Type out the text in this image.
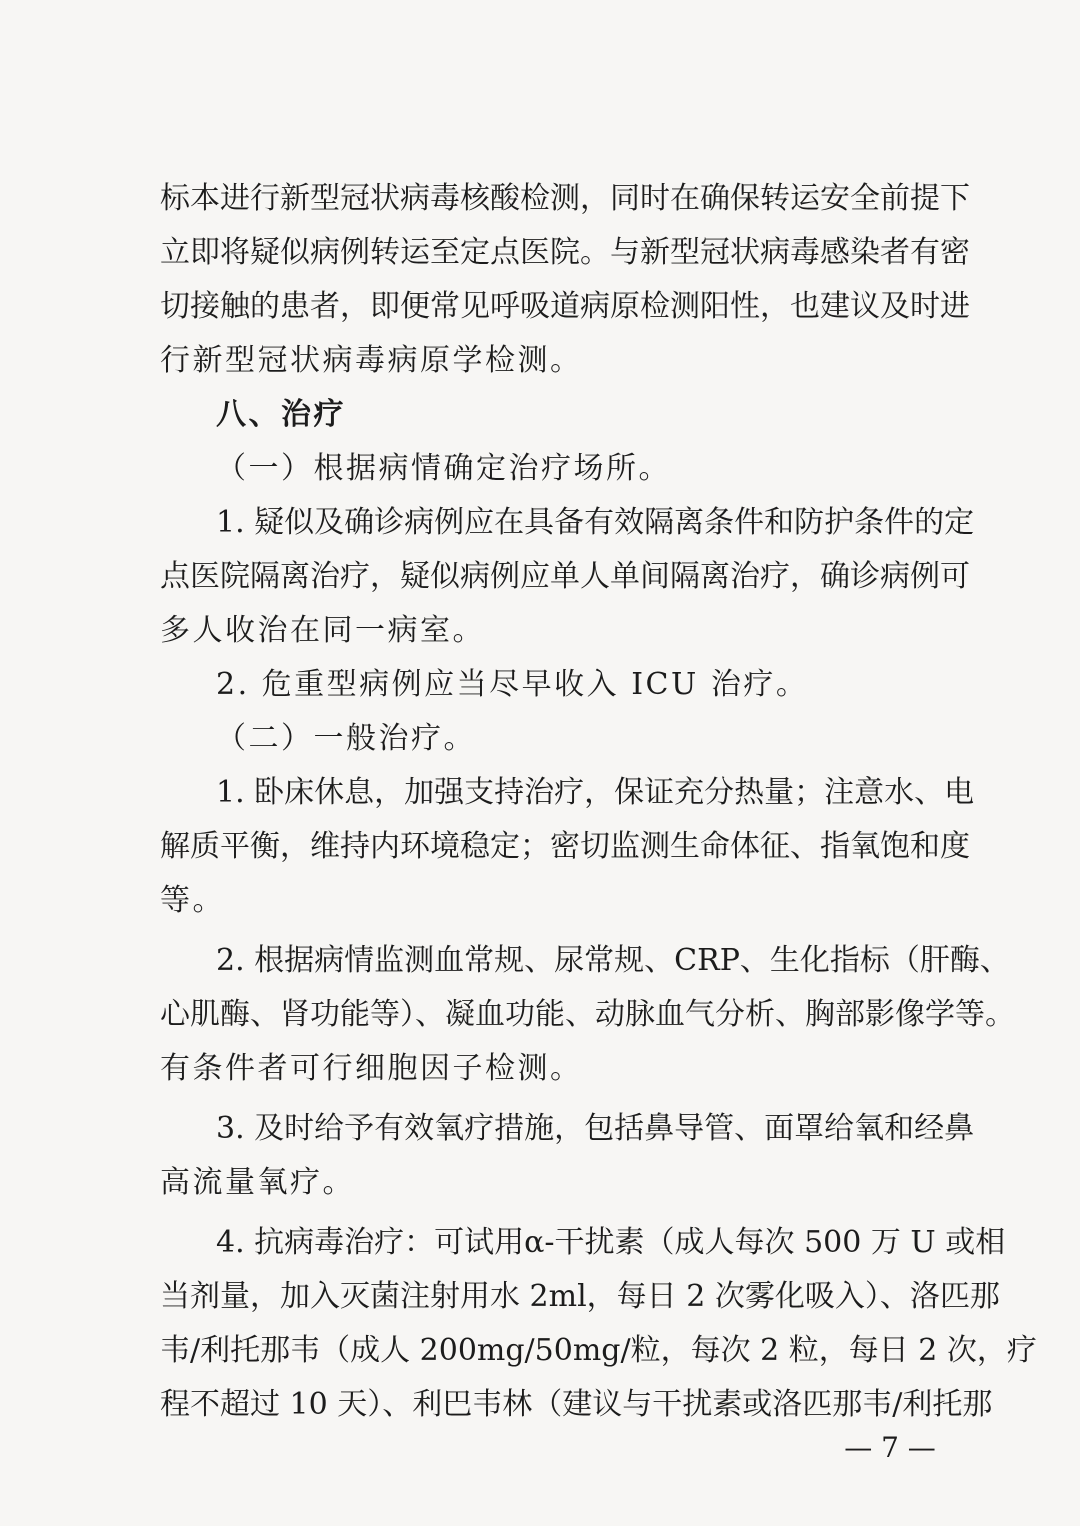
标本进行新型冠状病毒核酸检测，同时在确保转运安全前提下
立即将疑似病例转运至定点医院。与新型冠状病毒感染者有密
切接触的患者，即便常见呼吸道病原检测阳性，也建议及时进
行新型冠状病毒病原学检测。
八、治疗
（一）根据病情确定治疗场所。
1. 疑似及确诊病例应在具备有效隔离条件和防护条件的定
点医院隔离治疗，疑似病例应单人单间隔离治疗，确诊病例可
多人收治在同一病室。
2. 危重型病例应当尽早收入 ICU 治疗。
（二）一般治疗。
1. 卧床休息，加强支持治疗，保证充分热量；注意水、电
解质平衡，维持内环境稳定；密切监测生命体征、指氧饱和度
等。
2. 根据病情监测血常规、尿常规、CRP、生化指标（肝酶、
心肌酶、肾功能等）、凝血功能、动脉血气分析、胸部影像学等。
有条件者可行细胞因子检测。
3. 及时给予有效氧疗措施，包括鼻导管、面罩给氧和经鼻
高流量氧疗。
4. 抗病毒治疗：可试用α-干扰素（成人每次 500 万 U 或相
当剂量，加入灭菌注射用水 2ml，每日 2 次雾化吸入）、洛匹那
韦/利托那韦（成人 200mg/50mg/粒，每次 2 粒，每日 2 次，疗
程不超过 10 天）、利巴韦林（建议与干扰素或洛匹那韦/利托那
— 7 —
